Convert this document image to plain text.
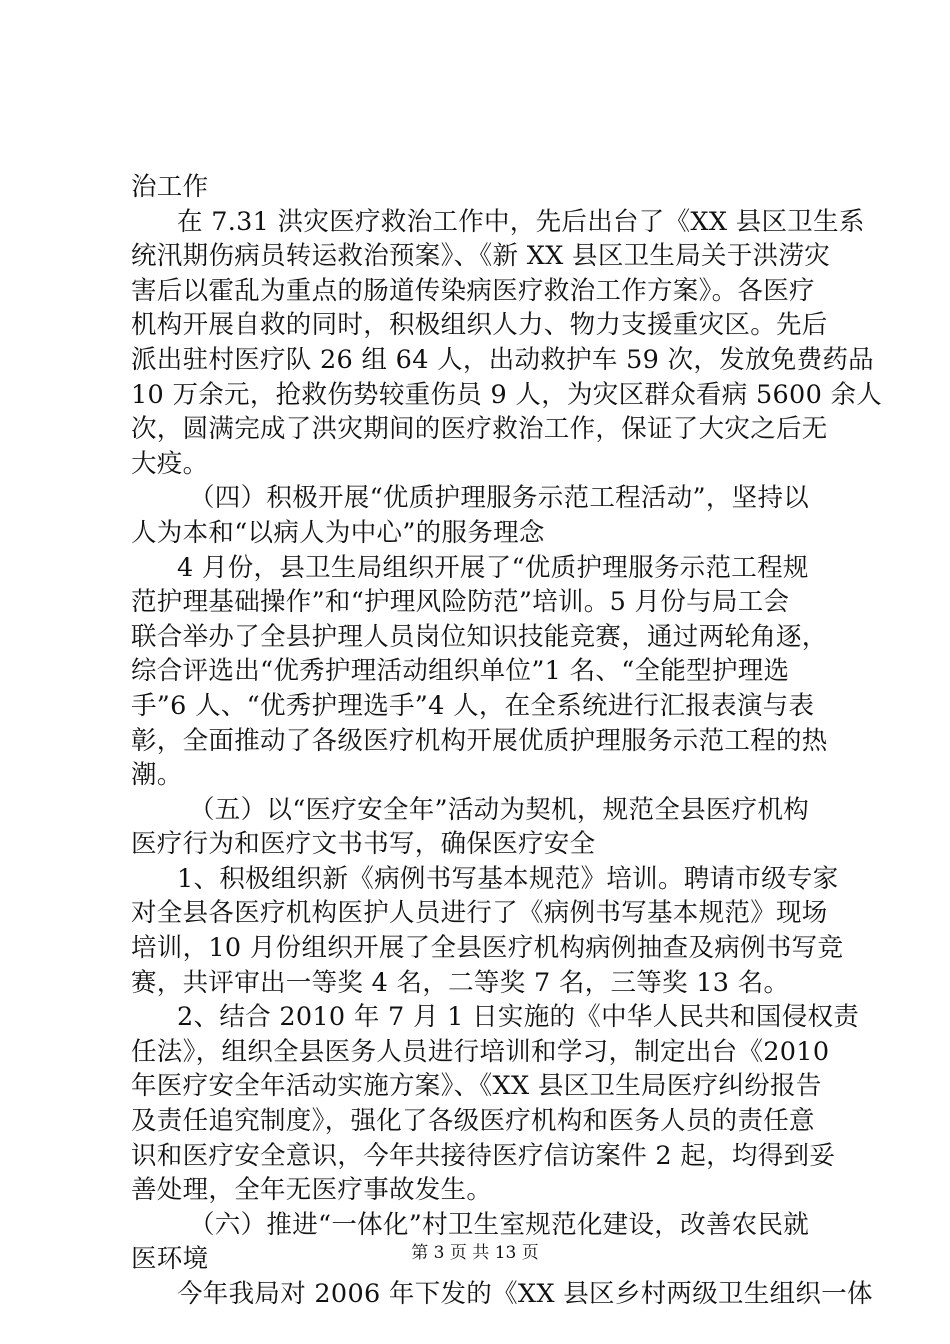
治工作
在 7.31 洪灾医疗救治工作中，先后出台了《XX 县区卫生系
统汛期伤病员转运救治预案》、《新 XX 县区卫生局关于洪涝灾
害后以霍乱为重点的肠道传染病医疗救治工作方案》。各医疗
机构开展自救的同时，积极组织人力、物力支援重灾区。先后
派出驻村医疗队 26 组 64 人，出动救护车 59 次，发放免费药品
10 万余元，抢救伤势较重伤员 9 人，为灾区群众看病 5600 余人
次，圆满完成了洪灾期间的医疗救治工作，保证了大灾之后无
大疫。
（四）积极开展“优质护理服务示范工程活动”，坚持以
人为本和“以病人为中心”的服务理念
4 月份，县卫生局组织开展了“优质护理服务示范工程规
范护理基础操作”和“护理风险防范”培训。5 月份与局工会
联合举办了全县护理人员岗位知识技能竞赛，通过两轮角逐，
综合评选出“优秀护理活动组织单位”1 名、“全能型护理选
手”6 人、“优秀护理选手”4 人，在全系统进行汇报表演与表
彰，全面推动了各级医疗机构开展优质护理服务示范工程的热
潮。
（五）以“医疗安全年”活动为契机，规范全县医疗机构
医疗行为和医疗文书书写，确保医疗安全
1、积极组织新《病例书写基本规范》培训。聘请市级专家
对全县各医疗机构医护人员进行了《病例书写基本规范》现场
培训，10 月份组织开展了全县医疗机构病例抽查及病例书写竞
赛，共评审出一等奖 4 名，二等奖 7 名，三等奖 13 名。
2、结合 2010 年 7 月 1 日实施的《中华人民共和国侵权责
任法》，组织全县医务人员进行培训和学习，制定出台《2010
年医疗安全年活动实施方案》、《XX 县区卫生局医疗纠纷报告
及责任追究制度》，强化了各级医疗机构和医务人员的责任意
识和医疗安全意识，今年共接待医疗信访案件 2 起，均得到妥
善处理，全年无医疗事故发生。
（六）推进“一体化”村卫生室规范化建设，改善农民就
医环境
今年我局对 2006 年下发的《XX 县区乡村两级卫生组织一体
第 3 页 共 13 页
